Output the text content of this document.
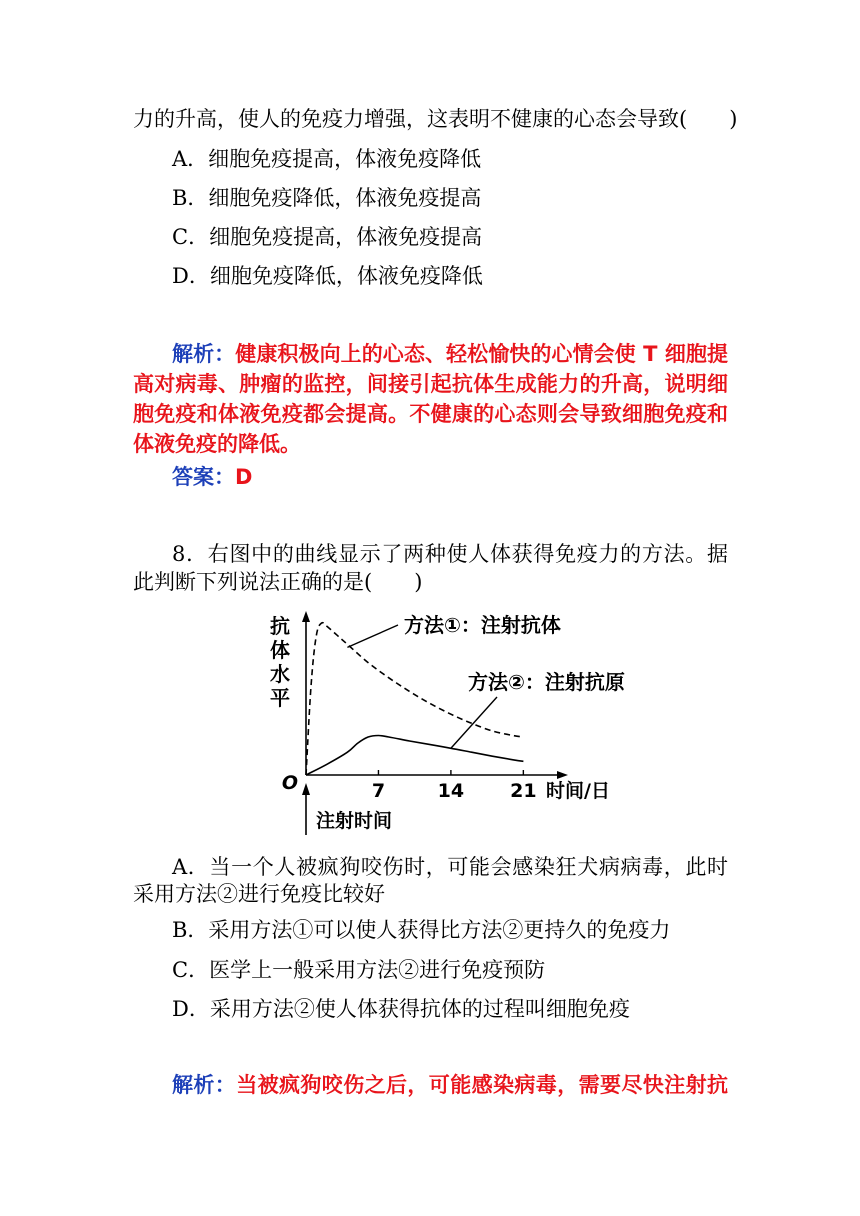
力的升高，使人的免疫力增强，这表明不健康的心态会导致(　　)
A．细胞免疫提高，体液免疫降低
B．细胞免疫降低，体液免疫提高
C．细胞免疫提高，体液免疫提高
D．细胞免疫降低，体液免疫降低
解析：健康积极向上的心态、轻松愉快的心情会使 T 细胞提
高对病毒、肿瘤的监控，间接引起抗体生成能力的升高，说明细
胞免疫和体液免疫都会提高。不健康的心态则会导致细胞免疫和
体液免疫的降低。
答案：D
8．右图中的曲线显示了两种使人体获得免疫力的方法。据
此判断下列说法正确的是(　　)
7	14 21
O	时间/日
抗
体
水
平
注射时间
方法①：注射抗体
方法②：注射抗原
A．当一个人被疯狗咬伤时，可能会感染狂犬病病毒，此时
采用方法②进行免疫比较好
B．采用方法①可以使人获得比方法②更持久的免疫力
C．医学上一般采用方法②进行免疫预防
D．采用方法②使人体获得抗体的过程叫细胞免疫
解析：当被疯狗咬伤之后，可能感染病毒，需要尽快注射抗
